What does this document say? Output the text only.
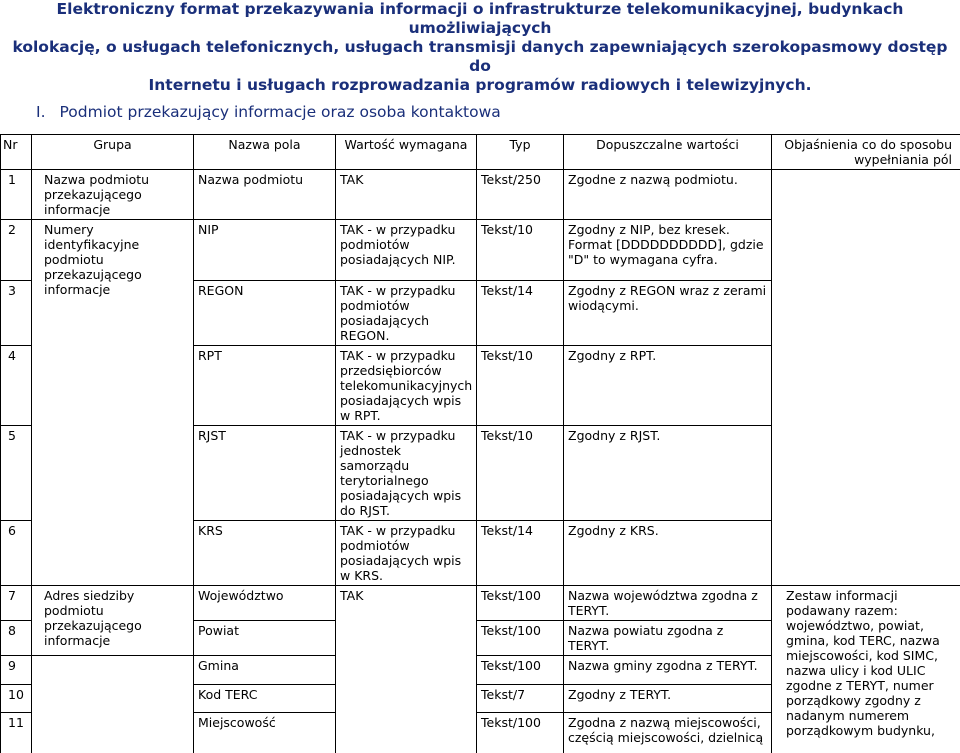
Elektroniczny format przekazywania informacji o infrastrukturze telekomunikacyjnej, budynkach umożliwiających
kolokację, o usługach telefonicznych, usługach transmisji danych zapewniających szerokopasmowy dostęp do
Internetu i usługach rozprowadzania programów radiowych i telewizyjnych.
I. Podmiot przekazujący informacje oraz osoba kontaktowa
Nr	Grupa	Nazwa pola	Wartość wymagana	Typ	Dopuszczalne wartości	Objaśnienia co do sposobu
wypełniania pól

1	Nazwa podmiotu przekazującego informacje	Nazwa podmiotu	TAK	Tekst/250	Zgodne z nazwą podmiotu.	
2	Numery identyfikacyjne podmiotu przekazującego informacje	NIP	TAK - w przypadku podmiotów posiadających NIP.	Tekst/10	Zgodny z NIP, bez kresek. Format [DDDDDDDDDD], gdzie "D" to wymagana cyfra.	
3		REGON	TAK - w przypadku podmiotów posiadających REGON.	Tekst/14	Zgodny z REGON wraz z zerami wiodącymi.	
4		RPT	TAK - w przypadku przedsiębiorców telekomunikacyjnych posiadających wpis w RPT.	Tekst/10	Zgodny z RPT.	
5		RJST	TAK - w przypadku jednostek samorządu terytorialnego posiadających wpis do RJST.	Tekst/10	Zgodny z RJST.	
6		KRS	TAK - w przypadku podmiotów posiadających wpis w KRS.	Tekst/14	Zgodny z KRS.	
7	Adres siedziby podmiotu przekazującego informacje	Województwo	TAK	Tekst/100	Nazwa województwa zgodna z TERYT.	Zestaw informacji podawany razem: województwo, powiat, gmina, kod TERC, nazwa miejscowości, kod SIMC, nazwa ulicy i kod ULIC zgodne z TERYT, numer porządkowy zgodny z nadanym numerem porządkowym budynku,
8		Powiat		Tekst/100	Nazwa powiatu zgodna z TERYT.	
9		Gmina		Tekst/100	Nazwa gminy zgodna z TERYT.	
10		Kod TERC		Tekst/7	Zgodny z TERYT.	
11		Miejscowość		Tekst/100	Zgodna z nazwą miejscowości, częścią miejscowości, dzielnicą	
